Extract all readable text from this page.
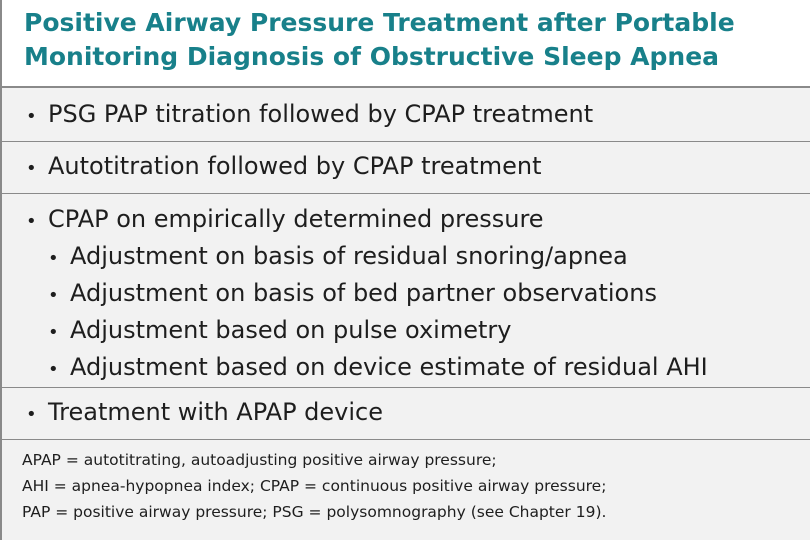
Positive Airway Pressure Treatment after Portable
Monitoring Diagnosis of Obstructive Sleep Apnea
• PSG PAP titration followed by CPAP treatment
• Autotitration followed by CPAP treatment
• CPAP on empirically determined pressure
• Adjustment on basis of residual snoring/apnea
• Adjustment on basis of bed partner observations
• Adjustment based on pulse oximetry
• Adjustment based on device estimate of residual AHI
• Treatment with APAP device
APAP = autotitrating, autoadjusting positive airway pressure;
AHI = apnea-hypopnea index; CPAP = continuous positive airway pressure;
PAP = positive airway pressure; PSG = polysomnography (see Chapter 19).
